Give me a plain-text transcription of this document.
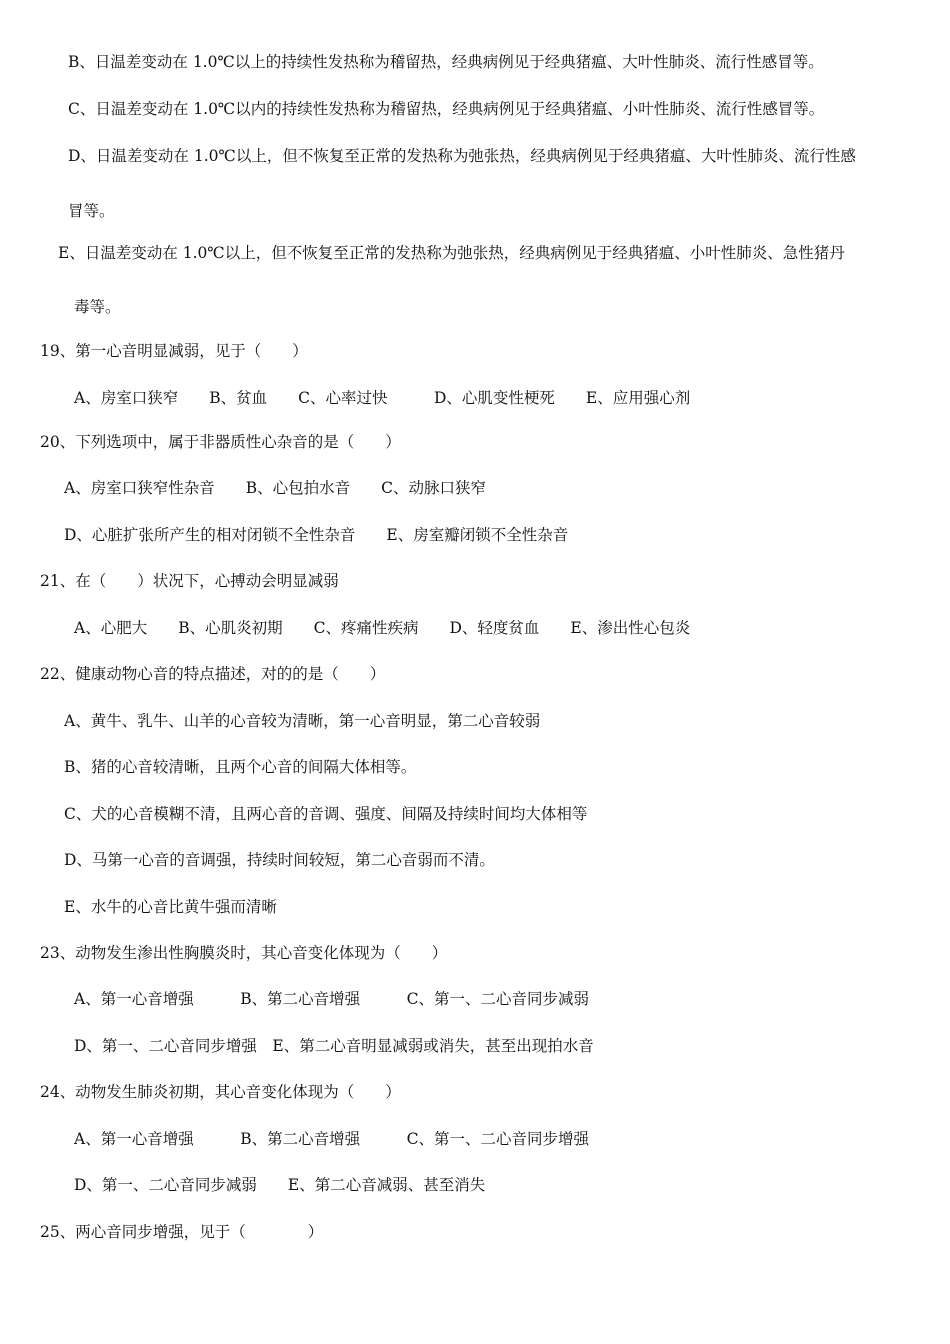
B、日温差变动在 1.0℃以上的持续性发热称为稽留热，经典病例见于经典猪瘟、大叶性肺炎、流行性感冒等。
C、日温差变动在 1.0℃以内的持续性发热称为稽留热，经典病例见于经典猪瘟、小叶性肺炎、流行性感冒等。
D、日温差变动在 1.0℃以上，但不恢复至正常的发热称为弛张热，经典病例见于经典猪瘟、大叶性肺炎、流行性感
冒等。
E、日温差变动在 1.0℃以上，但不恢复至正常的发热称为弛张热，经典病例见于经典猪瘟、小叶性肺炎、急性猪丹
毒等。
19、第一心音明显减弱，见于（　　）
A、房室口狭窄　　B、贫血　　C、心率过快　　　D、心肌变性梗死　　E、应用强心剂
20、下列选项中，属于非器质性心杂音的是（　　）
A、房室口狭窄性杂音　　B、心包拍水音　　C、动脉口狭窄
D、心脏扩张所产生的相对闭锁不全性杂音　　E、房室瓣闭锁不全性杂音
21、在（　　）状况下，心搏动会明显减弱
A、心肥大　　B、心肌炎初期　　C、疼痛性疾病　　D、轻度贫血　　E、渗出性心包炎
22、健康动物心音的特点描述，对的的是（　　）
A、黄牛、乳牛、山羊的心音较为清晰，第一心音明显，第二心音较弱
B、猪的心音较清晰，且两个心音的间隔大体相等。
C、犬的心音模糊不清，且两心音的音调、强度、间隔及持续时间均大体相等
D、马第一心音的音调强，持续时间较短，第二心音弱而不清。
E、水牛的心音比黄牛强而清晰
23、动物发生渗出性胸膜炎时，其心音变化体现为（　　）
A、第一心音增强　　　B、第二心音增强　　　C、第一、二心音同步减弱
D、第一、二心音同步增强　E、第二心音明显减弱或消失，甚至出现拍水音
24、动物发生肺炎初期，其心音变化体现为（　　）
A、第一心音增强　　　B、第二心音增强　　　C、第一、二心音同步增强
D、第一、二心音同步减弱　　E、第二心音减弱、甚至消失
25、两心音同步增强，见于（　　　　）
